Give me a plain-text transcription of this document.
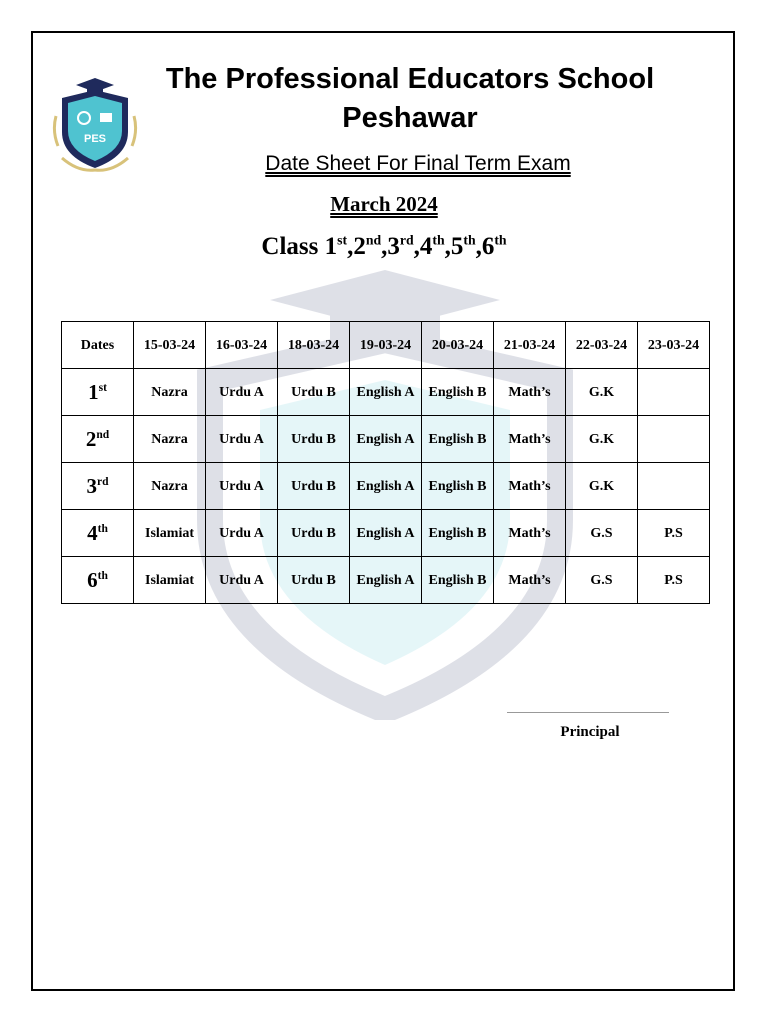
PES
The Professional Educators School
Peshawar
Date Sheet For Final Term Exam
March 2024
Class 1st,2nd,3rd,4th,5th,6th
Dates	15-03-24	16-03-24	18-03-24	19-03-24	20-03-24	21-03-24	22-03-24	23-03-24
1st	Nazra	Urdu A	Urdu B	English A	English B	Math’s	G.K	
2nd	Nazra	Urdu A	Urdu B	English A	English B	Math’s	G.K	
3rd	Nazra	Urdu A	Urdu B	English A	English B	Math’s	G.K	
4th	Islamiat	Urdu A	Urdu B	English A	English B	Math’s	G.S	P.S
6th	Islamiat	Urdu A	Urdu B	English A	English B	Math’s	G.S	P.S
Principal
